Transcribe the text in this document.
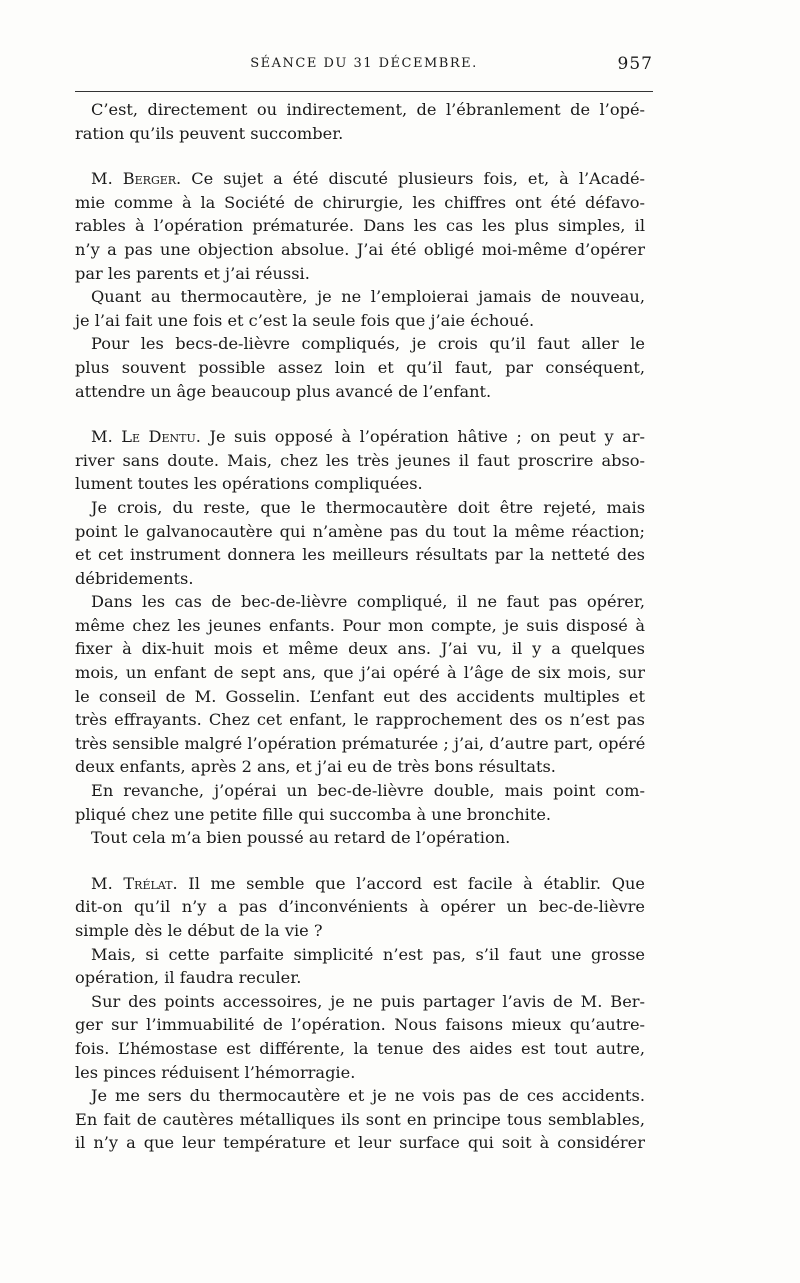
SÉANCE DU 31 DÉCEMBRE.	957
C’est, directement ou indirectement, de l’ébranlement de l’opé-
ration qu’ils peuvent succomber.
M. Berger. Ce sujet a été discuté plusieurs fois, et, à l’Acadé-
mie comme à la Société de chirurgie, les chiffres ont été défavo-
rables à l’opération prématurée. Dans les cas les plus simples, il
n’y a pas une objection absolue. J’ai été obligé moi-même d’opérer
par les parents et j’ai réussi.
Quant au thermocautère, je ne l’emploierai jamais de nouveau,
je l’ai fait une fois et c’est la seule fois que j’aie échoué.
Pour les becs-de-lièvre compliqués, je crois qu’il faut aller le
plus souvent possible assez loin et qu’il faut, par conséquent,
attendre un âge beaucoup plus avancé de l’enfant.
M. Le Dentu. Je suis opposé à l’opération hâtive ; on peut y ar-
river sans doute. Mais, chez les très jeunes il faut proscrire abso-
lument toutes les opérations compliquées.
Je crois, du reste, que le thermocautère doit être rejeté, mais
point le galvanocautère qui n’amène pas du tout la même réaction;
et cet instrument donnera les meilleurs résultats par la netteté des
débridements.
Dans les cas de bec-de-lièvre compliqué, il ne faut pas opérer,
même chez les jeunes enfants. Pour mon compte, je suis disposé à
fixer à dix-huit mois et même deux ans. J’ai vu, il y a quelques
mois, un enfant de sept ans, que j’ai opéré à l’âge de six mois, sur
le conseil de M. Gosselin. L’enfant eut des accidents multiples et
très effrayants. Chez cet enfant, le rapprochement des os n’est pas
très sensible malgré l’opération prématurée ; j’ai, d’autre part, opéré
deux enfants, après 2 ans, et j’ai eu de très bons résultats.
En revanche, j’opérai un bec-de-lièvre double, mais point com-
pliqué chez une petite fille qui succomba à une bronchite.
Tout cela m’a bien poussé au retard de l’opération.
M. Trélat. Il me semble que l’accord est facile à établir. Que
dit-on qu’il n’y a pas d’inconvénients à opérer un bec-de-lièvre
simple dès le début de la vie ?
Mais, si cette parfaite simplicité n’est pas, s’il faut une grosse
opération, il faudra reculer.
Sur des points accessoires, je ne puis partager l’avis de M. Ber-
ger sur l’immuabilité de l’opération. Nous faisons mieux qu’autre-
fois. L’hémostase est différente, la tenue des aides est tout autre,
les pinces réduisent l’hémorragie.
Je me sers du thermocautère et je ne vois pas de ces accidents.
En fait de cautères métalliques ils sont en principe tous semblables,
il n’y a que leur température et leur surface qui soit à considérer
